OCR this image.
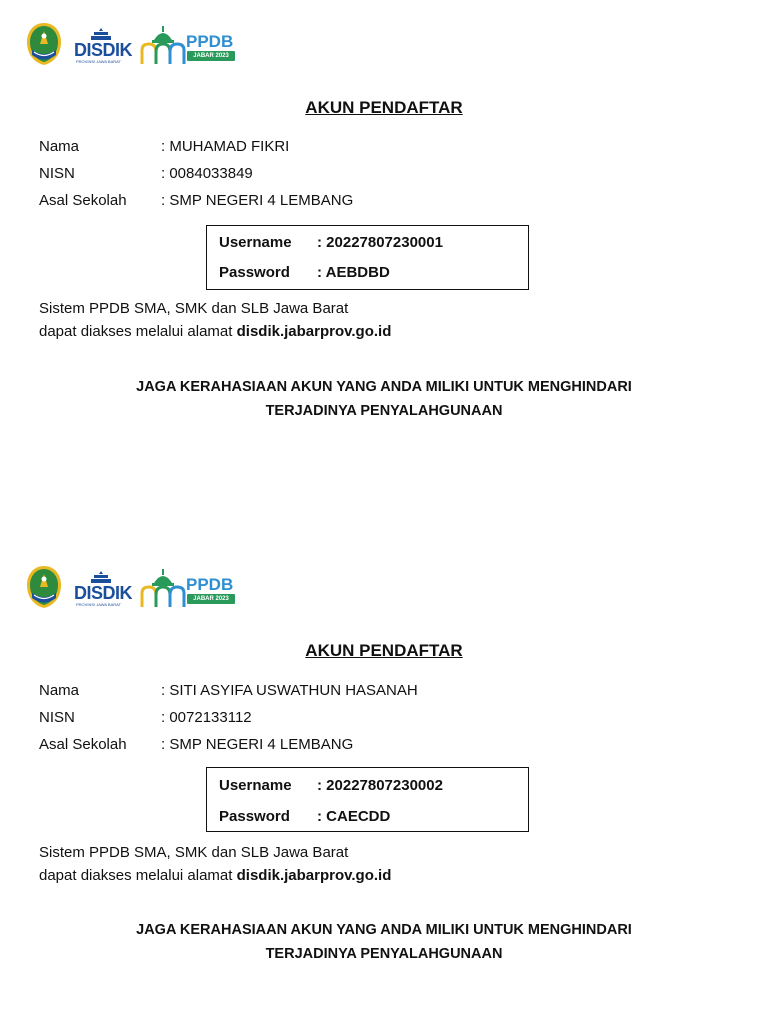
DISDIK
PROVINSI JAWA BARAT
PPDB
JABAR 2023
AKUN PENDAFTAR
Nama	: MUHAMAD FIKRI
NISN	: 0084033849
Asal Sekolah : SMP NEGERI 4 LEMBANG
Username : 20227807230001
Password : AEBDBD
Sistem PPDB SMA, SMK dan SLB Jawa Barat
dapat diakses melalui alamat disdik.jabarprov.go.id
JAGA KERAHASIAAN AKUN YANG ANDA MILIKI UNTUK MENGHINDARI
TERJADINYA PENYALAHGUNAAN
DISDIK
PROVINSI JAWA BARAT
PPDB
JABAR 2023
AKUN PENDAFTAR
Nama	: SITI ASYIFA USWATHUN HASANAH
NISN	: 0072133112
Asal Sekolah : SMP NEGERI 4 LEMBANG
Username : 20227807230002
Password : CAECDD
Sistem PPDB SMA, SMK dan SLB Jawa Barat
dapat diakses melalui alamat disdik.jabarprov.go.id
JAGA KERAHASIAAN AKUN YANG ANDA MILIKI UNTUK MENGHINDARI
TERJADINYA PENYALAHGUNAAN
